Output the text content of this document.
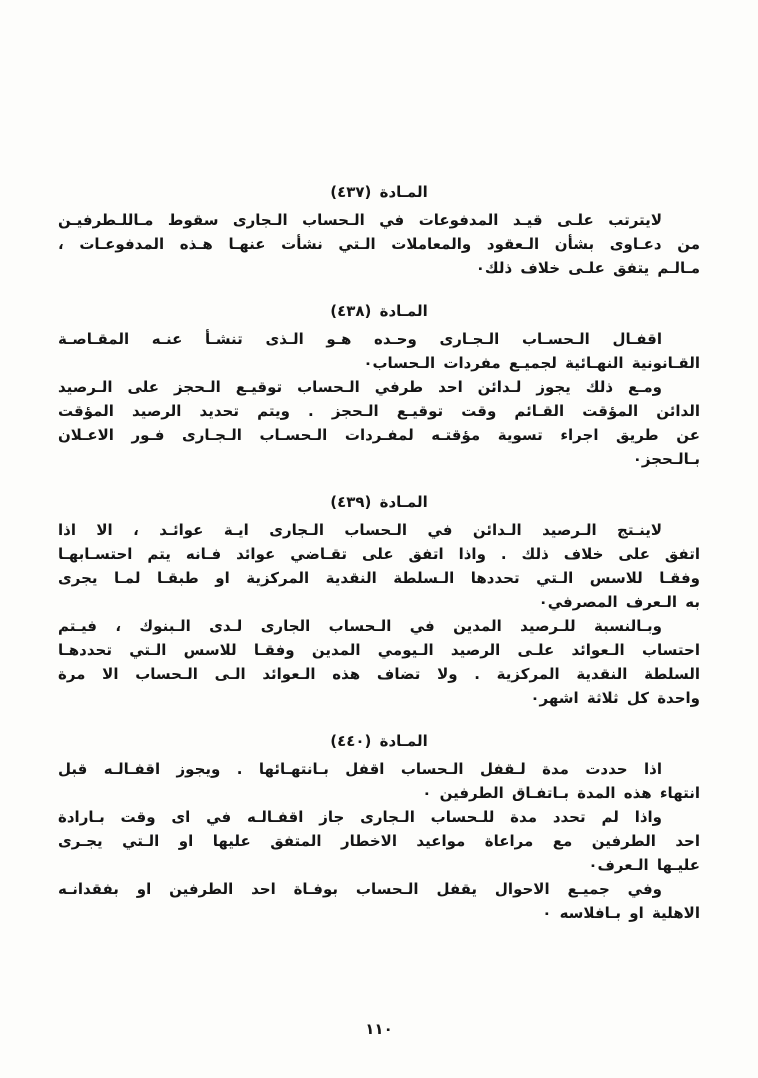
المـادة (٤٣٧)
لايترتب علـى قيـد المدفوعات في الـحساب الـجارى سقوط مـاللـطرفيـن
من دعـاوى بشأن الـعقود والمعاملات الـتي نشأت عنهـا هـذه المدفوعـات ،
مـالـم يتفق علـى خلاف ذلك٠
المـادة (٤٣٨)
اقفـال الـحسـاب الـجـارى وحـده هـو الـذى تنشـأ عنـه المقـاصـة
القـانونية النهـائية لجميـع مفردات الـحساب٠
ومـع ذلك يجوز لـدائن احد طرفي الـحساب توقيـع الـحجز على الـرصيد
الدائن المؤقت القـائم وقت توقيـع الـحجز . ويتم تحديد الرصيد المؤقت
عن طريق اجراء تسوية مؤقتـه لمفـردات الـحسـاب الـجـارى فـور الاعـلان
بـالـحجز٠
المـادة (٤٣٩)
لاينـتج الـرصيد الـدائن في الـحساب الـجارى ايـة عوائـد ، الا اذا
اتفق على خلاف ذلك . واذا اتفق على تقـاضي عوائد فـانه يتم احتسـابهـا
وفقـا للاسس الـتي تحددها الـسلطة النقدية المركزية او طبقـا لمـا يجرى
به الـعرف المصرفي٠
وبـالنسبة للـرصيد المدين في الـحساب الجارى لـدى الـبنوك ، فيـتم
احتساب الـعوائد علـى الرصيد الـيومي المدين وفقـا للاسس الـتي تحددهـا
السلطة النقدية المركزية . ولا تضاف هذه الـعوائد الـى الـحساب الا مرة
واحدة كل ثلاثة اشهر٠
المـادة (٤٤٠)
اذا حددت مدة لـقفل الـحساب اقفل بـانتهـائها . ويجوز اقفـالـه قبل
انتهاء هذه المدة بـاتفـاق الطرفين ٠
واذا لم تحدد مدة للـحساب الـجارى جاز اقفـالـه في اى وقت بـارادة
احد الطرفين مع مراعاة مواعيد الاخطار المتفق عليها او الـتي يجـرى
عليـها الـعرف٠
وفي جميـع الاحوال يقفل الـحساب بوفـاة احد الطرفين او بفقدانـه
الاهلية او بـافلاسه ٠
١١٠
